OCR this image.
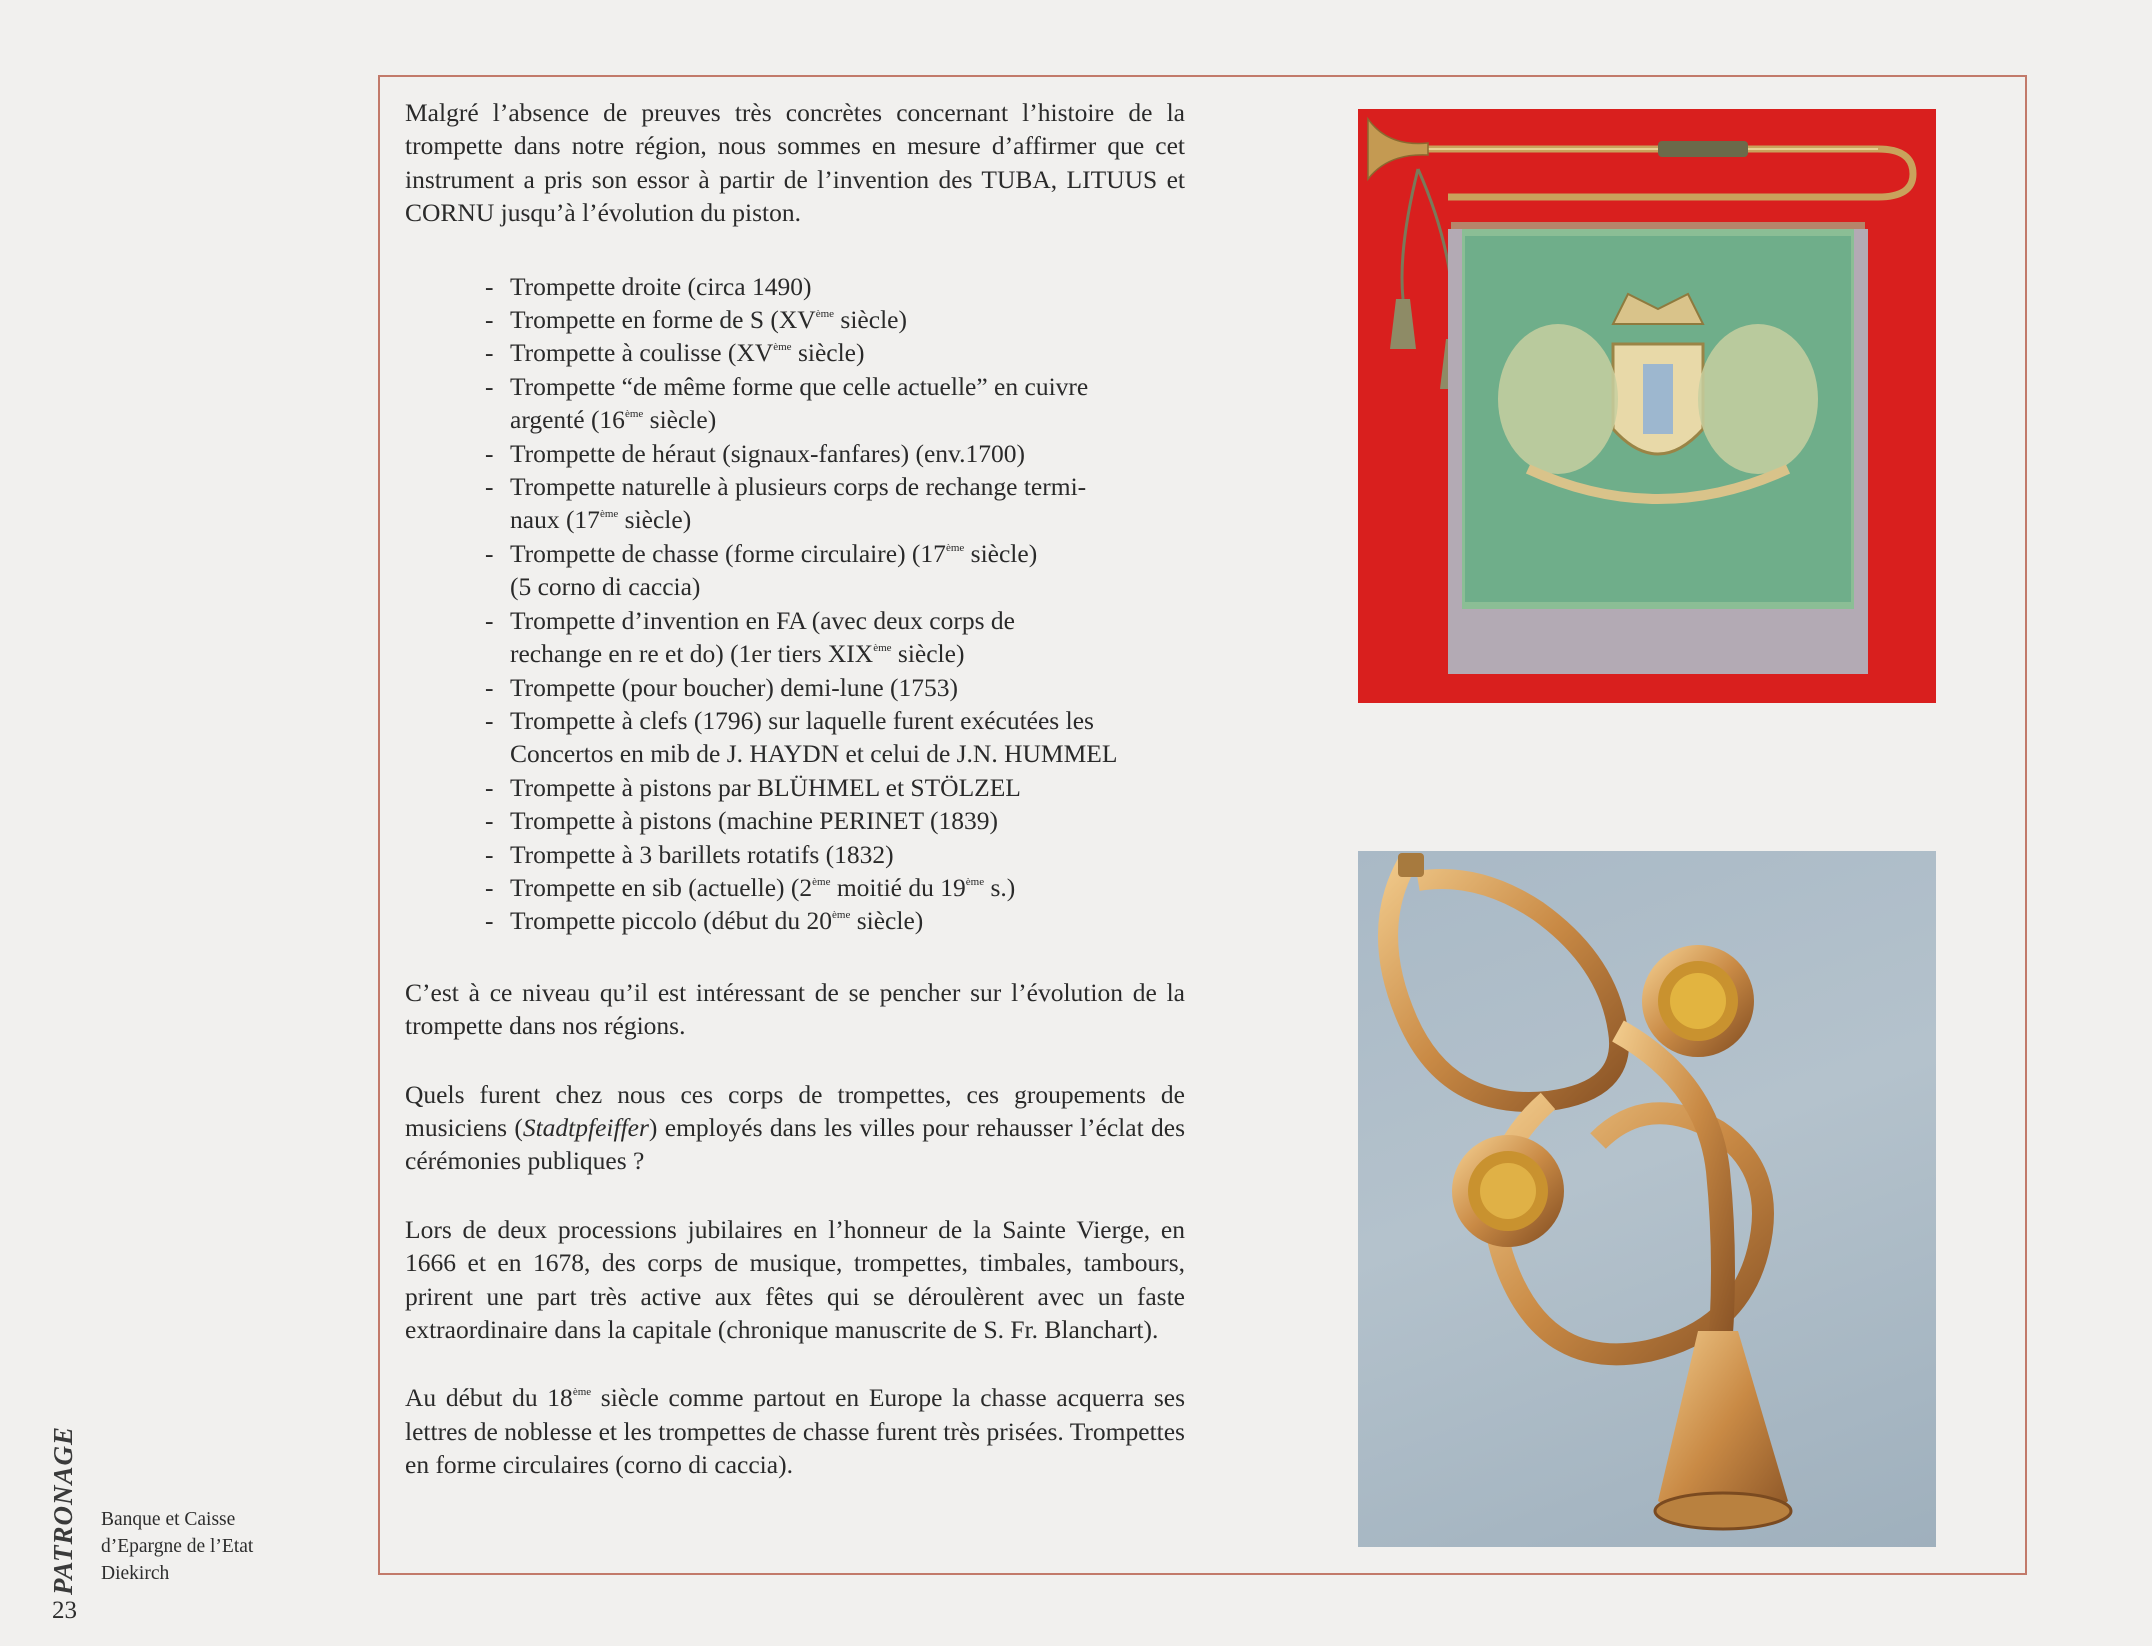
Malgré l’absence de preuves très concrètes concernant l’histoire de la trompette dans notre région, nous sommes en mesure d’affirmer que cet instrument a pris son essor à partir de l’invention des TUBA, LITUUS et CORNU jusqu’à l’évolution du piston.

- Trompette droite (circa 1490)
- Trompette en forme de S (XVème siècle)
- Trompette à coulisse (XVème siècle)
- Trompette “de même forme que celle actuelle” en cuivre
argenté (16ème siècle)
- Trompette de héraut (signaux-fanfares) (env.1700)
- Trompette naturelle à plusieurs corps de rechange termi-
naux (17ème siècle)
- Trompette de chasse (forme circulaire) (17ème siècle)
(5 corno di caccia)
- Trompette d’invention en FA (avec deux corps de
rechange en re et do) (1er tiers XIXème siècle)
- Trompette (pour boucher) demi-lune (1753)
- Trompette à clefs (1796) sur laquelle furent exécutées les
Concertos en mib de J. HAYDN et celui de J.N. HUMMEL
- Trompette à pistons par BLÜHMEL et STÖLZEL
- Trompette à pistons (machine PERINET (1839)
- Trompette à 3 barillets rotatifs (1832)
- Trompette en sib (actuelle) (2ème moitié du 19ème s.)
- Trompette piccolo (début du 20ème siècle)

C’est à ce niveau qu’il est intéressant de se pencher sur l’évolution de la trompette dans nos régions.

Quels furent chez nous ces corps de trompettes, ces groupements de musiciens (Stadtpfeiffer) employés dans les villes pour rehausser l’éclat des cérémonies publiques ?

Lors de deux processions jubilaires en l’honneur de la Sainte Vierge, en 1666 et en 1678, des corps de musique, trompettes, timbales, tambours, prirent une part très active aux fêtes qui se déroulèrent avec un faste extraordinaire dans la capitale (chronique manuscrite de S. Fr. Blanchart).

Au début du 18ème siècle comme partout en Europe la chasse acquerra ses lettres de noblesse et les trompettes de chasse furent très prisées. Trompettes en forme circulaires (corno di caccia).

PATRONAGE Banque et Caisse
d’Epargne de l’Etat
Diekirch
23
